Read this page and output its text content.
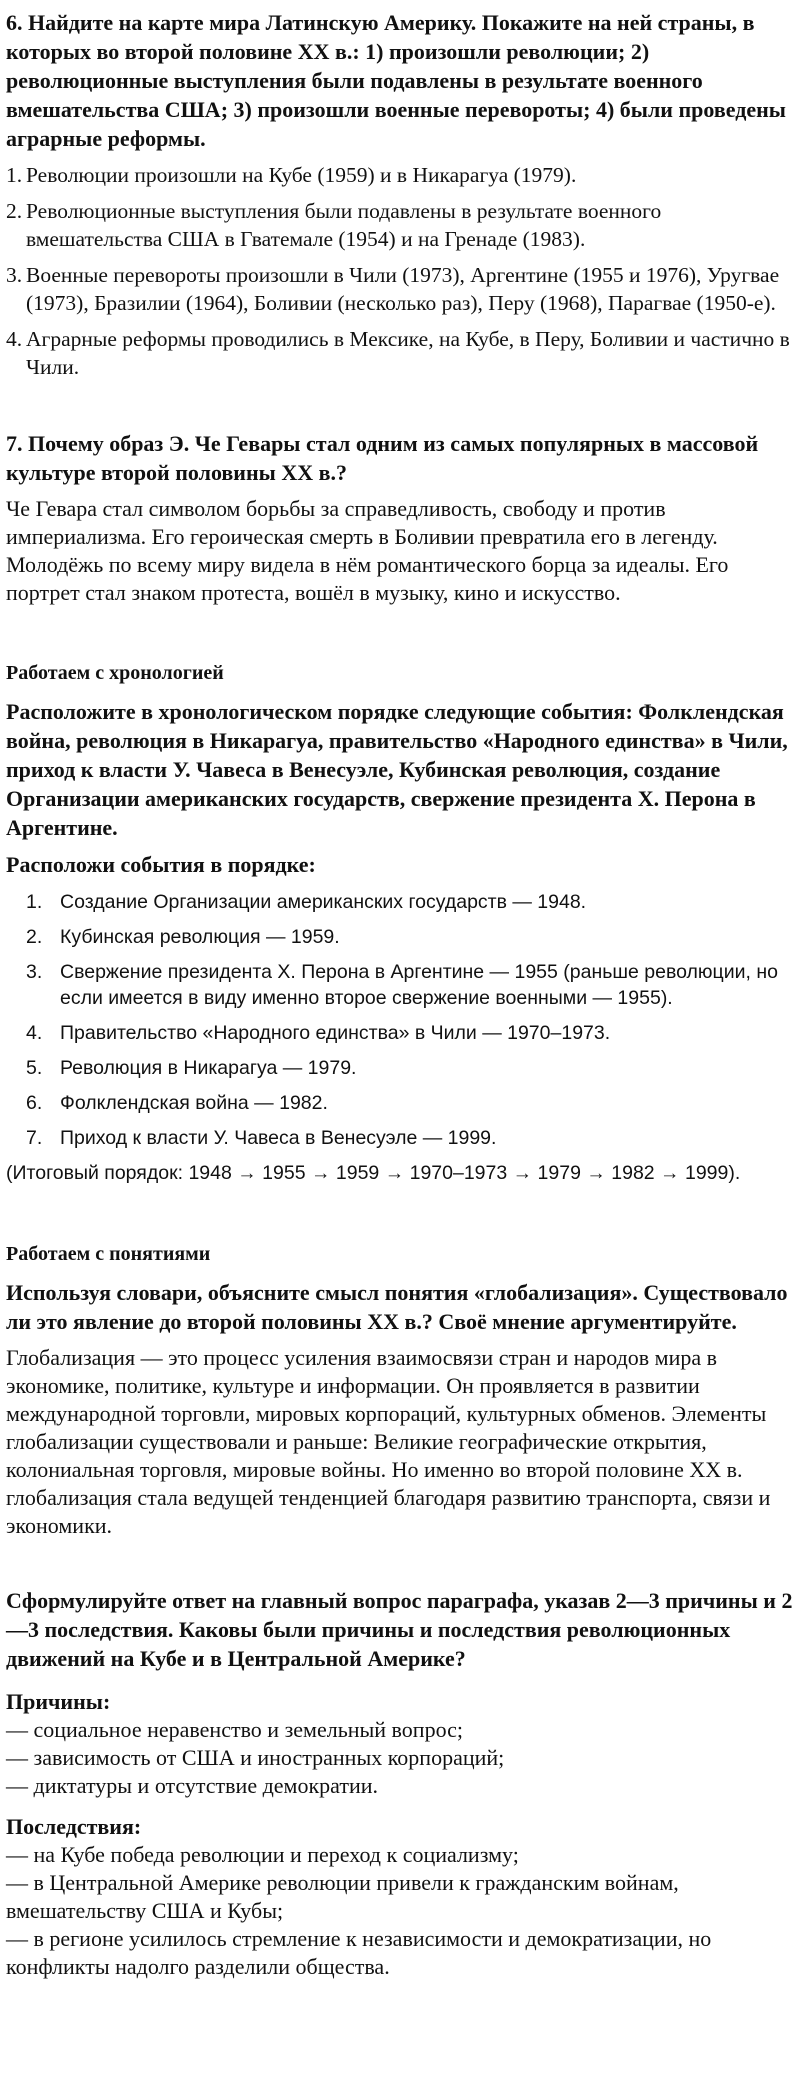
6. Найдите на карте мира Латинскую Америку. Покажите на ней страны, в которых во второй половине XX в.: 1) произошли революции; 2) революционные выступления были подавлены в результате военного вмешательства США; 3) произошли военные перевороты; 4) были проведены аграрные реформы.

1. Революции произошли на Кубе (1959) и в Никарагуа (1979).
2. Революционные выступления были подавлены в результате военного вмешательства США в Гватемале (1954) и на Гренаде (1983).
3. Военные перевороты произошли в Чили (1973), Аргентине (1955 и 1976), Уругвае (1973), Бразилии (1964), Боливии (несколько раз), Перу (1968), Парагвае (1950-е).
4. Аграрные реформы проводились в Мексике, на Кубе, в Перу, Боливии и частично в Чили.

7. Почему образ Э. Че Гевары стал одним из самых популярных в массовой культуре второй половины XX в.?

Че Гевара стал символом борьбы за справедливость, свободу и против империализма. Его героическая смерть в Боливии превратила его в легенду. Молодёжь по всему миру видела в нём романтического борца за идеалы. Его портрет стал знаком протеста, вошёл в музыку, кино и искусство.

Работаем с хронологией

Расположите в хронологическом порядке следующие события: Фолклендская война, революция в Никарагуа, правительство «Народного единства» в Чили, приход к власти У. Чавеса в Венесуэле, Кубинская революция, создание Организации американских государств, свержение президента Х. Перона в Аргентине.

Расположи события в порядке:

1. Создание Организации американских государств — 1948.
2. Кубинская революция — 1959.
3. Свержение президента Х. Перона в Аргентине — 1955 (раньше революции, но если имеется в виду именно второе свержение военными — 1955).
4. Правительство «Народного единства» в Чили — 1970–1973.
5. Революция в Никарагуа — 1979.
6. Фолклендская война — 1982.
7. Приход к власти У. Чавеса в Венесуэле — 1999.

(Итоговый порядок: 1948 → 1955 → 1959 → 1970–1973 → 1979 → 1982 → 1999).

Работаем с понятиями

Используя словари, объясните смысл понятия «глобализация». Существовало ли это явление до второй половины XX в.? Своё мнение аргументируйте.

Глобализация — это процесс усиления взаимосвязи стран и народов мира в экономике, политике, культуре и информации. Он проявляется в развитии международной торговли, мировых корпораций, культурных обменов. Элементы глобализации существовали и раньше: Великие географические открытия, колониальная торговля, мировые войны. Но именно во второй половине XX в. глобализация стала ведущей тенденцией благодаря развитию транспорта, связи и экономики.

Сформулируйте ответ на главный вопрос параграфа, указав 2—3 причины и 2—3 последствия. Каковы были причины и последствия революционных движений на Кубе и в Центральной Америке?

Причины:

— социальное неравенство и земельный вопрос;

— зависимость от США и иностранных корпораций;

— диктатуры и отсутствие демократии.

Последствия:

— на Кубе победа революции и переход к социализму;

— в Центральной Америке революции привели к гражданским войнам, вмешательству США и Кубы;

— в регионе усилилось стремление к независимости и демократизации, но конфликты надолго разделили общества.
